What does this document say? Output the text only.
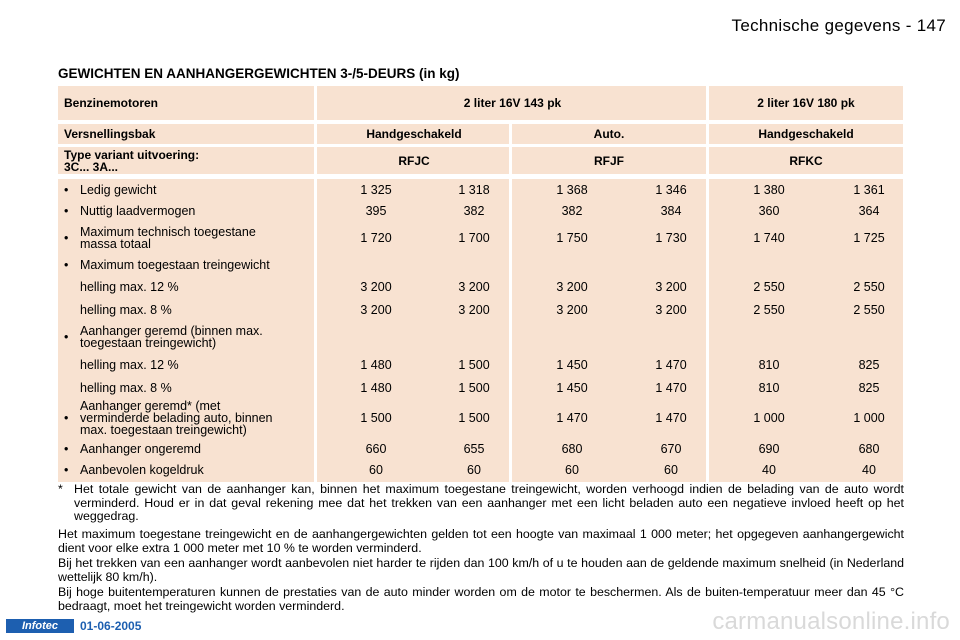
Technische gegevens - 147
GEWICHTEN EN AANHANGERGEWICHTEN 3-/5-DEURS (in kg)
Benzinemotoren	2 liter 16V 143 pk	2 liter 16V 180 pk
Versnellingsbak	Handgeschakeld	Auto.	Handgeschakeld
Type variant uitvoering:
3C... 3A...	RFJC	RFJF	RFKC
• Ledig gewicht	1 325	1 318	1 368	1 346	1 380	1 361
• Nuttig laadvermogen	395	382	382	384	360	364
• Maximum technisch toegestane
massa totaal	1 720	1 700	1 750	1 730	1 740	1 725
• Maximum toegestaan treingewicht
helling max. 12 %	3 200	3 200	3 200	3 200	2 550	2 550
helling max. 8 %	3 200	3 200	3 200	3 200	2 550	2 550
• Aanhanger geremd (binnen max.
toegestaan treingewicht)
helling max. 12 %	1 480	1 500	1 450	1 470	810	825
helling max. 8 %	1 480	1 500	1 450	1 470	810	825
• Aanhanger geremd* (met
verminderde belading auto, binnen
max. toegestaan treingewicht)
1 500	1 500	1 470	1 470	1 000	1 000
• Aanhanger ongeremd	660	655	680	670	690	680
• Aanbevolen kogeldruk	60	60	60	60	40	40
* Het totale gewicht van de aanhanger kan, binnen het maximum toegestane treingewicht, worden verhoogd indien de belading van de auto wordt verminderd. Houd er in dat geval rekening mee dat het trekken van een aanhanger met een licht beladen auto een negatieve invloed heeft op het weggedrag.
Het maximum toegestane treingewicht en de aanhangergewichten gelden tot een hoogte van maximaal 1 000 meter; het opgegeven aanhangergewicht dient voor elke extra 1 000 meter met 10 % te worden verminderd.
Bij het trekken van een aanhanger wordt aanbevolen niet harder te rijden dan 100 km/h of u te houden aan de geldende maximum snelheid (in Nederland wettelijk 80 km/h).
Bij hoge buitentemperaturen kunnen de prestaties van de auto minder worden om de motor te beschermen. Als de buiten-temperatuur meer dan 45 °C bedraagt, moet het treingewicht worden verminderd.
Infotec	01-06-2005	carmanualsonline.info
